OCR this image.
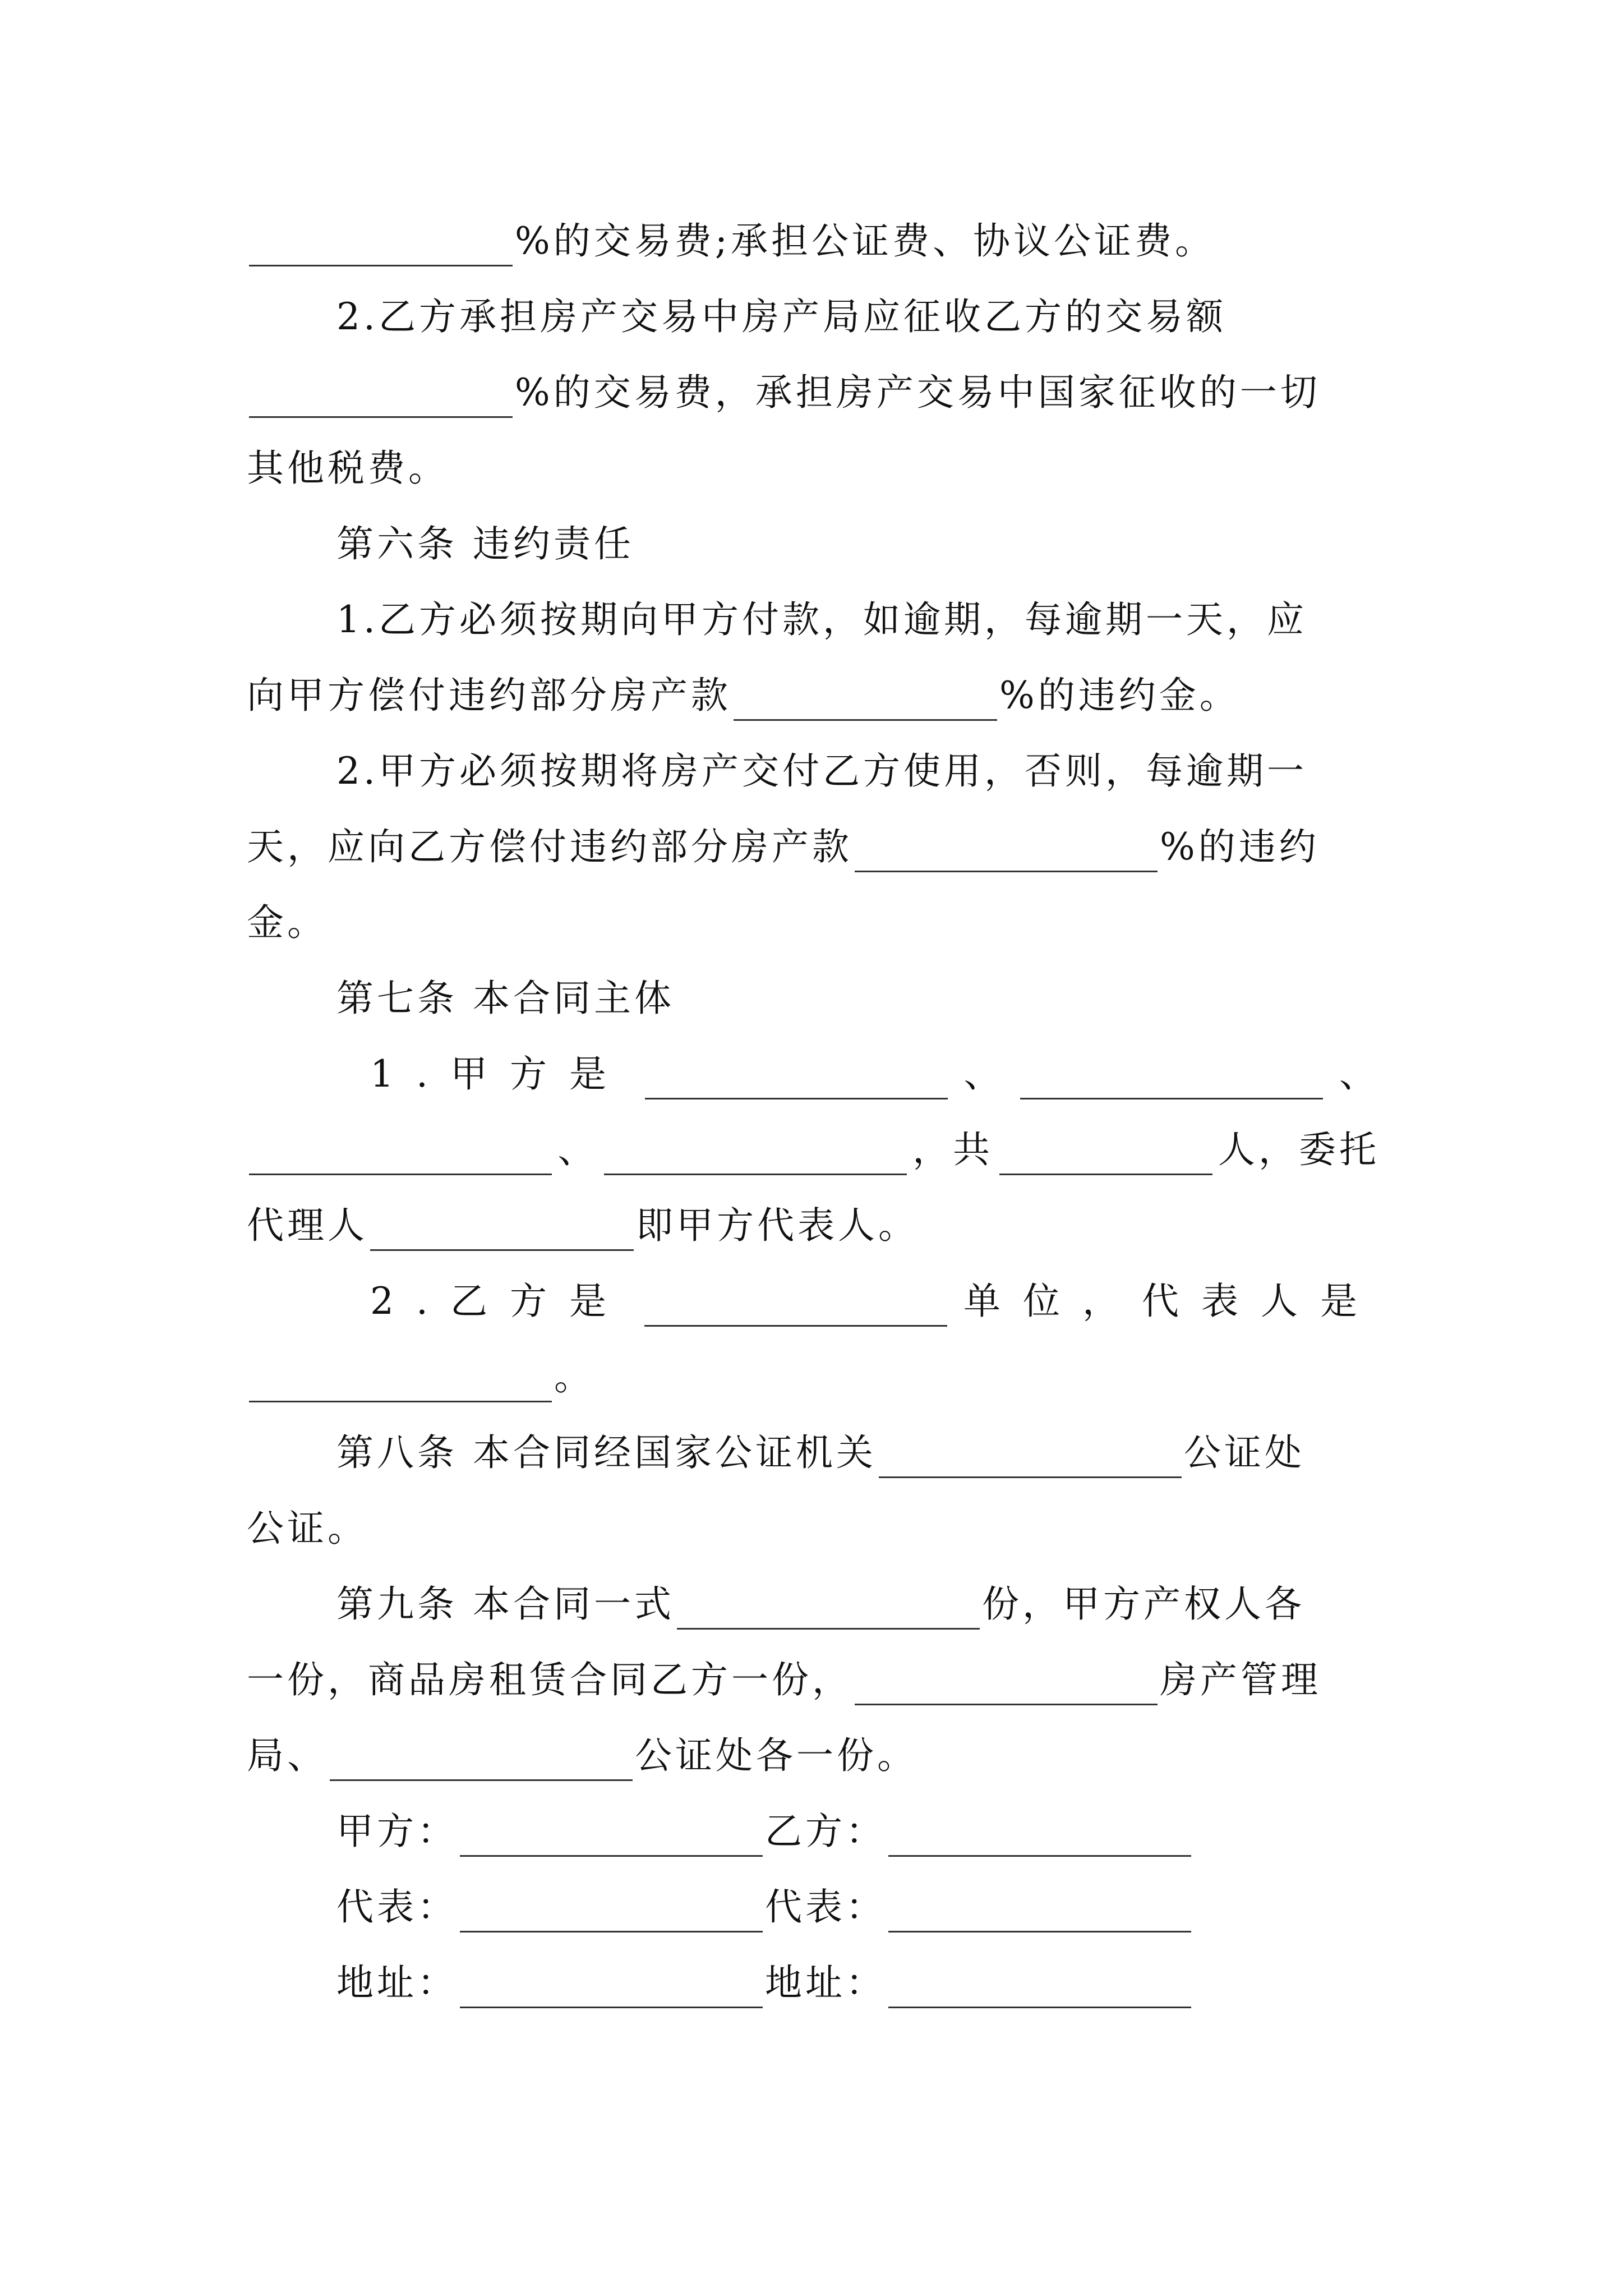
%的交易费;承担公证费、协议公证费。
2.乙方承担房产交易中房产局应征收乙方的交易额
%的交易费，承担房产交易中国家征收的一切
其他税费。
第六条 违约责任
1.乙方必须按期向甲方付款，如逾期，每逾期一天，应
向甲方偿付违约部分房产款	%的违约金。
2.甲方必须按期将房产交付乙方使用，否则，每逾期一
天，应向乙方偿付违约部分房产款	%的违约
金。
第七条 本合同主体
1.甲方是	、	、
、	，共	人，委托
代理人	即甲方代表人。
2.乙方是	单位，代表人是
。
第八条 本合同经国家公证机关	公证处
公证。
第九条 本合同一式	份，甲方产权人各
一份，商品房租赁合同乙方一份，	房产管理
局、	公证处各一份。
甲方：	乙方：
代表：	代表：
地址：	地址：
